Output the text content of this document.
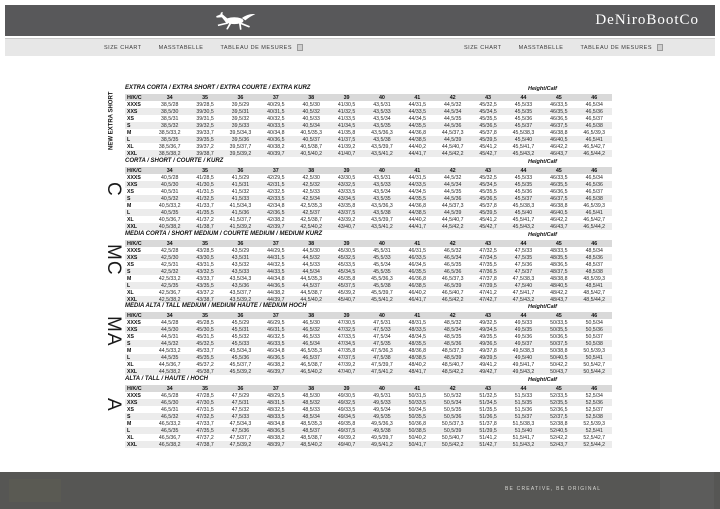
DeNiroBootCo
SIZE CHART	MASSTABELLE	TABLEAU DE MESURES	SIZE CHART	MASSTABELLE	TABLEAU DE MESURES
EXTRA CORTA / EXTRA SHORT / EXTRA COURTE / EXTRA KURZ	Height/Calf
H/K/C	34	35	36	37	38	39	40	41	42	43	44	45	46
XXXS	38,5/28	39/28,5	39,5/29	40/29,5	40,5/30	41/30,5	43,5/31	44/31,5	44,5/32	45/32,5	45,5/33	46/33,5	46,5/34
XXS	38,5/30	39/30,5	39,5/31	40/31,5	40,5/32	41/32,5	43,5/33	44/33,5	44,5/34	45/34,5	45,5/35	46/35,5	46,5/36
XS	38,5/31	39/31,5	39,5/32	40/32,5	40,5/33	41/33,5	43,5/34	44/34,5	44,5/35	45/35,5	45,5/36	46/36,5	46,5/37
S	38,5/32	39/32,5	39,5/33	40/33,5	40,5/34	41/34,5	43,5/35	44/35,5	44,5/36	45/36,5	45,5/37	46/37,5	46,5/38
M	38,5/33,2	39/33,7	39,5/34,3	40/34,8	40,5/35,3	41/35,8	43,5/36,3	44/36,8	44,5/37,3	45/37,8	45,5/38,3	46/38,8	46,5/39,3
L	38,5/35	39/35,5	39,5/36	40/36,5	40,5/37	41/37,5	43,5/38	44/38,5	44,5/39	45/39,5	45,5/40	46/40,5	46,5/41
XL	38,5/36,7	39/37,2	39,5/37,7	40/38,2	40,5/38,7	41/39,2	43,5/39,7	44/40,2	44,5/40,7	45/41,2	45,5/41,7	46/42,2	46,5/42,7
XXL	38,5/38,2	39/38,7	39,5/39,2	40/39,7	40,5/40,2	41/40,7	43,5/41,2	44/41,7	44,5/42,2	45/42,7	45,5/43,2	46/43,7	46,5/44,2
CORTA / SHORT / COURTE / KURZ	Height/Calf
H/K/C	34	35	36	37	38	39	40	41	42	43	44	45	46
XXXS	40,5/28	41/28,5	41,5/29	42/29,5	42,5/30	43/30,5	43,5/31	44/31,5	44,5/32	45/32,5	45,5/33	46/33,5	46,5/34
XXS	40,5/30	41/30,5	41,5/31	42/31,5	42,5/32	43/32,5	43,5/33	44/33,5	44,5/34	45/34,5	45,5/35	46/35,5	46,5/36
XS	40,5/31	41/31,5	41,5/32	42/32,5	42,5/33	43/33,5	43,5/34	44/34,5	44,5/35	45/35,5	45,5/36	46/36,5	46,5/37
S	40,5/32	41/32,5	41,5/33	42/33,5	42,5/34	43/34,5	43,5/35	44/35,5	44,5/36	45/36,5	45,5/37	46/37,5	46,5/38
M	40,5/33,2	41/33,7	41,5/34,3	42/34,8	42,5/35,3	43/35,8	43,5/36,3	44/36,8	44,5/37,3	45/37,8	45,5/38,3	46/38,8	46,5/39,3
L	40,5/35	41/35,5	41,5/36	42/36,5	42,5/37	43/37,5	43,5/38	44/38,5	44,5/39	45/39,5	45,5/40	46/40,5	46,5/41
XL	40,5/36,7	41/37,2	41,5/37,7	42/38,2	42,5/38,7	43/39,2	43,5/39,7	44/40,2	44,5/40,7	45/41,2	45,5/41,7	46/42,2	46,5/42,7
XXL	40,5/38,2	41/38,7	41,5/39,2	42/39,7	42,5/40,2	43/40,7	43,5/41,2	44/41,7	44,5/42,2	45/42,7	45,5/43,2	46/43,7	46,5/44,2
MEDIA CORTA / SHORT MEDIUM / COURTE MEDIUM / MEDIUM KURZ	Height/Calf
H/K/C	34	35	36	37	38	39	40	41	42	43	44	45	46
XXXS	42,5/28	43/28,5	43,5/29	44/29,5	44,5/30	45/30,5	45,5/31	46/31,5	46,5/32	47/32,5	47,5/33	48/33,5	48,5/34
XXS	42,5/30	43/30,5	43,5/31	44/31,5	44,5/32	45/32,5	45,5/33	46/33,5	46,5/34	47/34,5	47,5/35	48/35,5	48,5/36
XS	42,5/31	43/31,5	43,5/32	44/32,5	44,5/33	45/33,5	45,5/34	46/34,5	46,5/35	47/35,5	47,5/36	48/36,5	48,5/37
S	42,5/32	43/32,5	43,5/33	44/33,5	44,5/34	45/34,5	45,5/35	46/35,5	46,5/36	47/36,5	47,5/37	48/37,5	48,5/38
M	42,5/33,2	43/33,7	43,5/34,3	44/34,8	44,5/35,3	45/35,8	45,5/36,3	46/36,8	46,5/37,3	47/37,8	47,5/38,3	48/38,8	48,5/39,3
L	42,5/35	43/35,5	43,5/36	44/36,5	44,5/37	45/37,5	45,5/38	46/38,5	46,5/39	47/39,5	47,5/40	48/40,5	48,5/41
XL	42,5/36,7	43/37,2	43,5/37,7	44/38,2	44,5/38,7	45/39,2	45,5/39,7	46/40,2	46,5/40,7	47/41,2	47,5/41,7	48/42,2	48,5/42,7
XXL	42,5/38,2	43/38,7	43,5/39,2	44/39,7	44,5/40,2	45/40,7	45,5/41,2	46/41,7	46,5/42,2	47/42,7	47,5/43,2	48/43,7	48,5/44,2
MEDIA ALTA / TALL MEDIUM / MEDIUM HAUTE / MEDIUM HOCH	Height/Calf
H/K/C	34	35	36	37	38	39	40	41	42	43	44	45	46
XXXS	44,5/28	45/28,5	45,5/29	46/29,5	46,5/30	47/30,5	47,5/31	48/31,5	48,5/32	49/32,5	49,5/33	50/33,5	50,5/34
XXS	44,5/30	45/30,5	45,5/31	46/31,5	46,5/32	47/32,5	47,5/33	48/33,5	48,5/34	49/34,5	49,5/35	50/35,5	50,5/36
XS	44,5/31	45/31,5	45,5/32	46/32,5	46,5/33	47/33,5	47,5/34	48/34,5	48,5/35	49/35,5	49,5/36	50/36,5	50,5/37
S	44,5/32	45/32,5	45,5/33	46/33,5	46,5/34	47/34,5	47,5/35	48/35,5	48,5/36	49/36,5	49,5/37	50/37,5	50,5/38
M	44,5/33,2	45/33,7	45,5/34,3	46/34,8	46,5/35,3	47/35,8	47,5/36,3	48/36,8	48,5/37,3	49/37,8	49,5/38,3	50/38,8	50,5/39,3
L	44,5/35	45/35,5	45,5/36	46/36,5	46,5/37	47/37,5	47,5/38	48/38,5	48,5/39	49/39,5	49,5/40	50/40,5	50,5/41
XL	44,5/36,7	45/37,2	45,5/37,7	46/38,2	46,5/38,7	47/39,2	47,5/39,7	48/40,2	48,5/40,7	49/41,2	49,5/41,7	50/42,2	50,5/42,7
XXL	44,5/38,2	45/38,7	45,5/39,2	46/39,7	46,5/40,2	47/40,7	47,5/41,2	48/41,7	48,5/42,2	49/42,7	49,5/43,2	50/43,7	50,5/44,2
ALTA / TALL / HAUTE / HOCH	Height/Calf
H/K/C	34	35	36	37	38	39	40	41	42	43	44	45	46
XXXS	46,5/28	47/28,5	47,5/29	48/29,5	48,5/30	49/30,5	49,5/31	50/31,5	50,5/32	51/32,5	51,5/33	52/33,5	52,5/34
XXS	46,5/30	47/30,5	47,5/31	48/31,5	48,5/32	49/32,5	49,5/33	50/33,5	50,5/34	51/34,5	51,5/35	52/35,5	52,5/36
XS	46,5/31	47/31,5	47,5/32	48/32,5	48,5/33	49/33,5	49,5/34	50/34,5	50,5/35	51/35,5	51,5/36	52/36,5	52,5/37
S	46,5/32	47/32,5	47,5/33	48/33,5	48,5/34	49/34,5	49,5/35	50/35,5	50,5/36	51/36,5	51,5/37	52/37,5	52,5/38
M	46,5/33,2	47/33,7	47,5/34,3	48/34,8	48,5/35,3	49/35,8	49,5/36,3	50/36,8	50,5/37,3	51/37,8	51,5/38,3	52/38,8	52,5/39,3
L	46,5/35	47/35,5	47,5/36	48/36,5	48,5/37	49/37,5	49,5/38	50/38,5	50,5/39	51/39,5	51,5/40	52/40,5	52,5/41
XL	46,5/36,7	47/37,2	47,5/37,7	48/38,2	48,5/38,7	49/39,2	49,5/39,7	50/40,2	50,5/40,7	51/41,2	51,5/41,7	52/42,2	52,5/42,7
XXL	46,5/38,2	47/38,7	47,5/39,2	48/39,7	48,5/40,2	49/40,7	49,5/41,2	50/41,7	50,5/42,2	51/42,7	51,5/43,2	52/43,7	52,5/44,2
BE CREATIVE, BE ORIGINAL
NEW EXTRA SHORT
C
MC
MA
A
